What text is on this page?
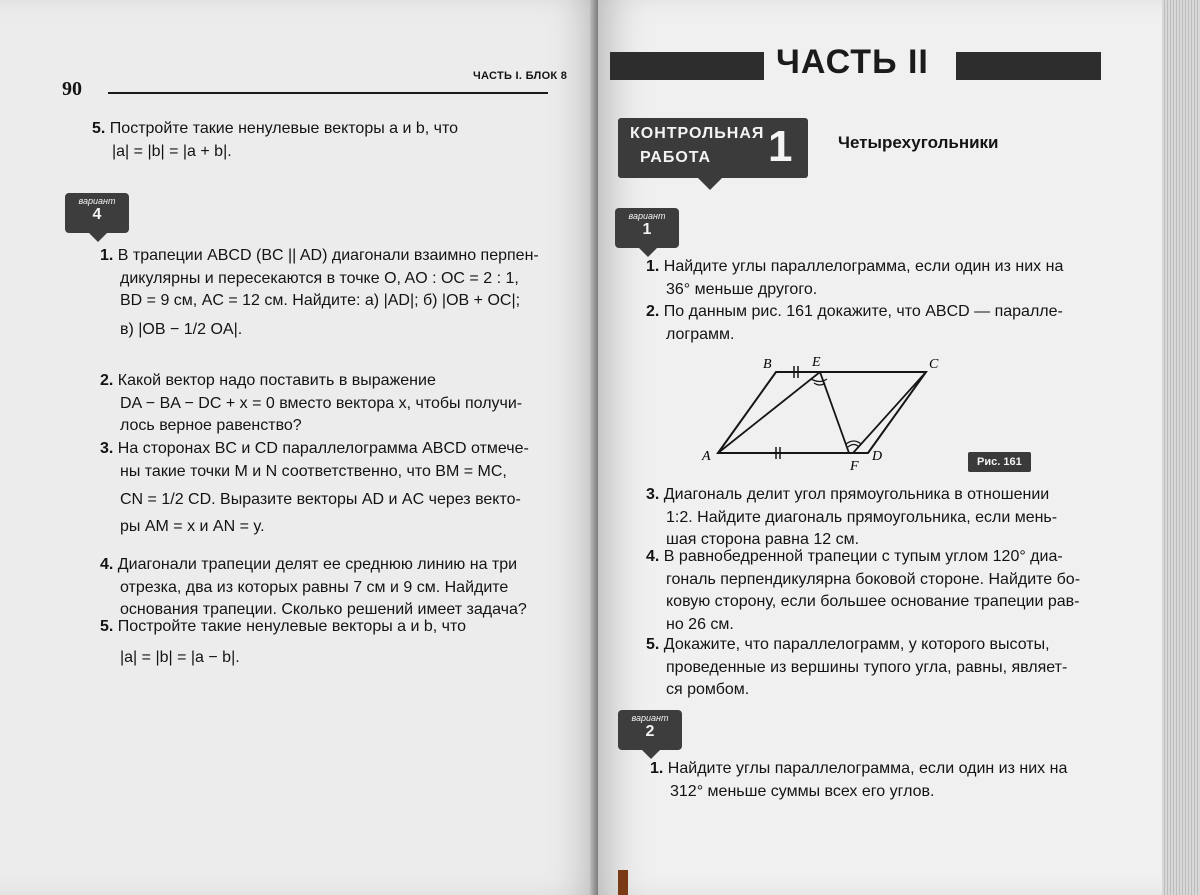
90
ЧАСТЬ I. БЛОК 8
5. Постройте такие ненулевые векторы a и b, что
|a| = |b| = |a + b|.
вариант
4
1. В трапеции ABCD (BC || AD) диагонали взаимно перпен-
дикулярны и пересекаются в точке O, AO : OC = 2 : 1,
BD = 9 см, AC = 12 см. Найдите: а) |AD|; б) |OB + OC|;
в) |OB − 1/2 OA|.
2. Какой вектор надо поставить в выражение
DA − BA − DC + x = 0 вместо вектора x, чтобы получи-
лось верное равенство?
3. На сторонах BC и CD параллелограмма ABCD отмече-
ны такие точки M и N соответственно, что BM = MC,
CN = 1/2 CD. Выразите векторы AD и AC через векто-
ры AM = x и AN = y.
4. Диагонали трапеции делят ее среднюю линию на три
отрезка, два из которых равны 7 см и 9 см. Найдите
основания трапеции. Сколько решений имеет задача?
5. Постройте такие ненулевые векторы a и b, что
|a| = |b| = |a − b|.
ЧАСТЬ II
КОНТРОЛЬНАЯ
РАБОТА 1	Четырехугольники
вариант
1
1. Найдите углы параллелограмма, если один из них на
36° меньше другого.
2. По данным рис. 161 докажите, что ABCD — паралле-
лограмм.
A
B	C
D
E
F	Рис. 161
3. Диагональ делит угол прямоугольника в отношении
1:2. Найдите диагональ прямоугольника, если мень-
шая сторона равна 12 см.
4. В равнобедренной трапеции с тупым углом 120° диа-
гональ перпендикулярна боковой стороне. Найдите бо-
ковую сторону, если большее основание трапеции рав-
но 26 см.
5. Докажите, что параллелограмм, у которого высоты,
проведенные из вершины тупого угла, равны, являет-
ся ромбом.
вариант
2
1. Найдите углы параллелограмма, если один из них на
312° меньше суммы всех его углов.
